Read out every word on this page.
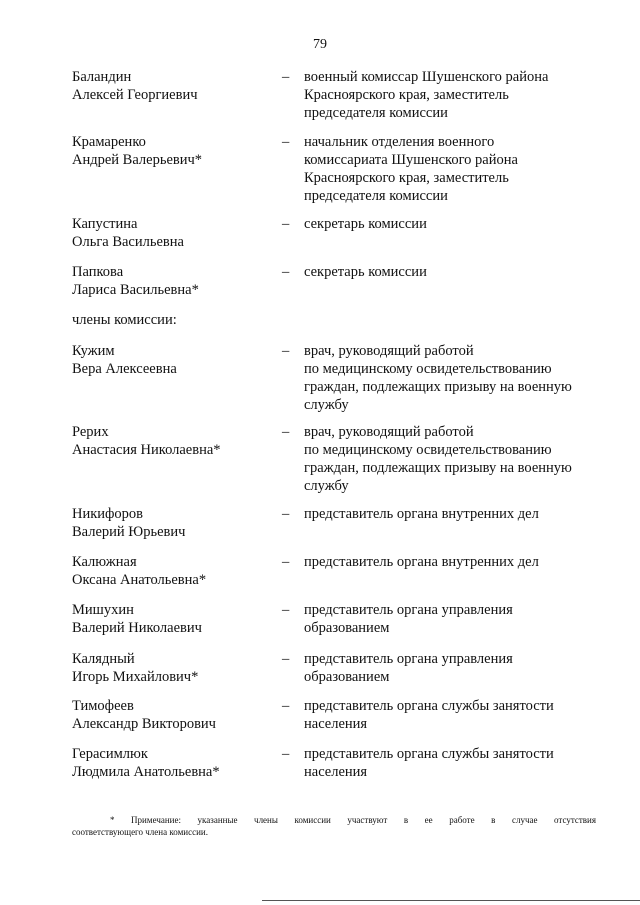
79
Баландин
Алексей Георгиевич
– военный комиссар Шушенского района
Красноярского края, заместитель
председателя комиссии
Крамаренко
Андрей Валерьевич*
– начальник отделения военного
комиссариата Шушенского района
Красноярского края, заместитель
председателя комиссии
Капустина
Ольга Васильевна
– секретарь комиссии
Папкова
Лариса Васильевна*
– секретарь комиссии
члены комиссии:
Кужим
Вера Алексеевна
– врач, руководящий работой
по медицинскому освидетельствованию
граждан, подлежащих призыву на военную
службу
Рерих
Анастасия Николаевна*
– врач, руководящий работой
по медицинскому освидетельствованию
граждан, подлежащих призыву на военную
службу
Никифоров
Валерий Юрьевич
– представитель органа внутренних дел
Калюжная
Оксана Анатольевна*
– представитель органа внутренних дел
Мишухин
Валерий Николаевич
– представитель органа управления
образованием
Калядный
Игорь Михайлович*
– представитель органа управления
образованием
Тимофеев
Александр Викторович
– представитель органа службы занятости
населения
Герасимлюк
Людмила Анатольевна*
– представитель органа службы занятости
населения
* Примечание: указанные члены комиссии участвуют в ее работе в случае отсутствия
соответствующего члена комиссии.
